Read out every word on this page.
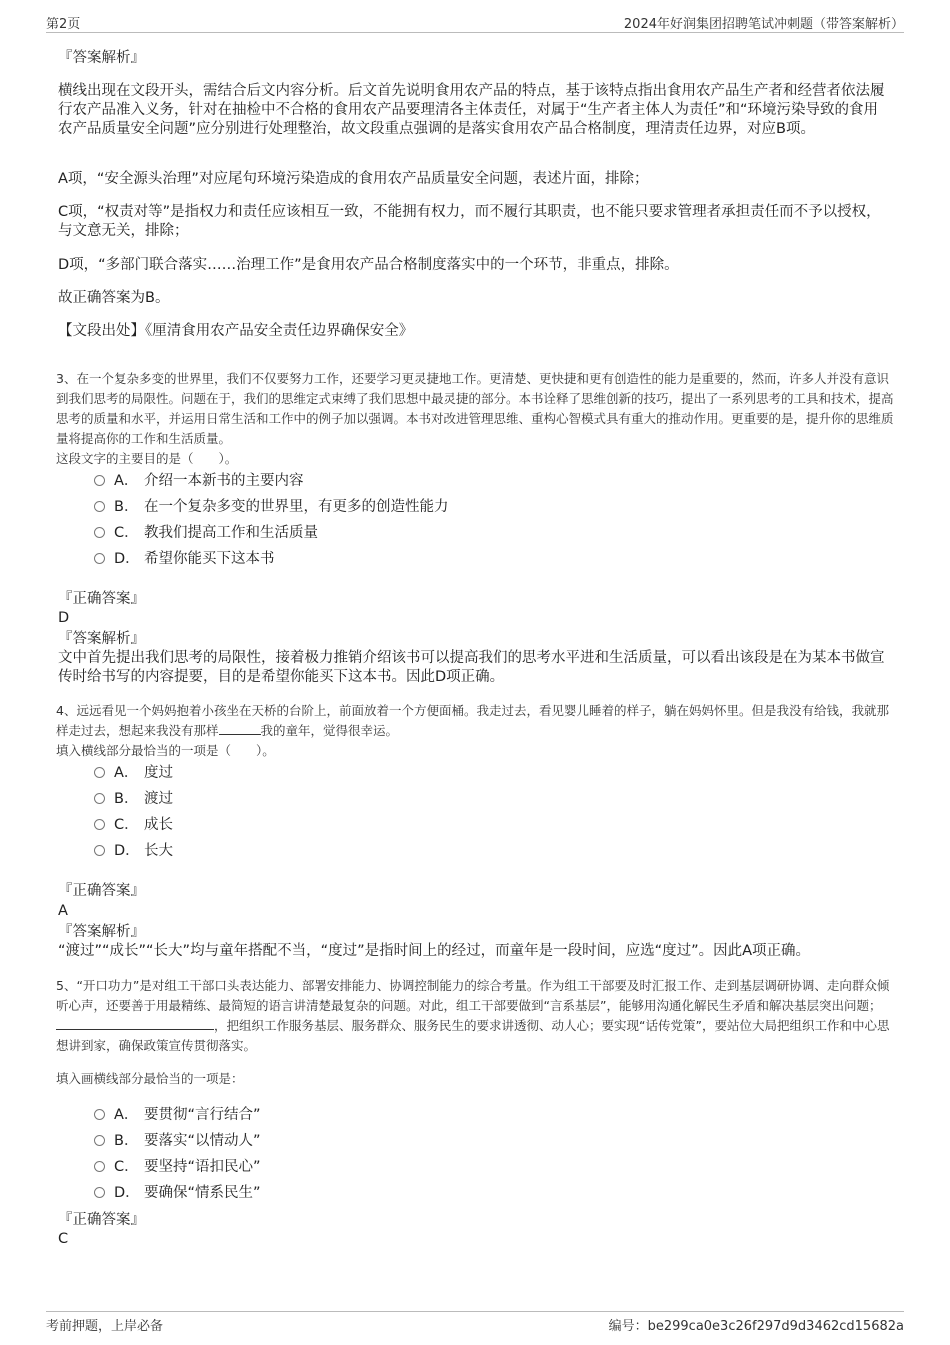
第2页	2024年好润集团招聘笔试冲刺题（带答案解析）
『答案解析』
横线出现在文段开头，需结合后文内容分析。后文首先说明食用农产品的特点，基于该特点指出食用农产品生产者和经营者依法履行农产品准入义务，针对在抽检中不合格的食用农产品要理清各主体责任，对属于“生产者主体人为责任”和“环境污染导致的食用农产品质量安全问题”应分别进行处理整治，故文段重点强调的是落实食用农产品合格制度，理清责任边界，对应B项。
A项，“安全源头治理”对应尾句环境污染造成的食用农产品质量安全问题，表述片面，排除；
C项，“权责对等”是指权力和责任应该相互一致，不能拥有权力，而不履行其职责，也不能只要求管理者承担责任而不予以授权，与文意无关，排除；
D项，“多部门联合落实……治理工作”是食用农产品合格制度落实中的一个环节，非重点，排除。
故正确答案为B。
【文段出处】《厘清食用农产品安全责任边界确保安全》
3、在一个复杂多变的世界里，我们不仅要努力工作，还要学习更灵捷地工作。更清楚、更快捷和更有创造性的能力是重要的，然而，许多人并没有意识到我们思考的局限性。问题在于，我们的思维定式束缚了我们思想中最灵捷的部分。本书诠释了思维创新的技巧，提出了一系列思考的工具和技术，提高思考的质量和水平，并运用日常生活和工作中的例子加以强调。本书对改进管理思维、重构心智模式具有重大的推动作用。更重要的是，提升你的思维质量将提高你的工作和生活质量。
这段文字的主要目的是（　　）。
A． 介绍一本新书的主要内容
B． 在一个复杂多变的世界里，有更多的创造性能力
C． 教我们提高工作和生活质量
D． 希望你能买下这本书
『正确答案』
D
『答案解析』
文中首先提出我们思考的局限性，接着极力推销介绍该书可以提高我们的思考水平进和生活质量，可以看出该段是在为某本书做宣传时给书写的内容提要，目的是希望你能买下这本书。因此D项正确。
4、远远看见一个妈妈抱着小孩坐在天桥的台阶上，前面放着一个方便面桶。我走过去，看见婴儿睡着的样子，躺在妈妈怀里。但是我没有给钱，我就那样走过去，想起来我没有那样	我的童年，觉得很幸运。
填入横线部分最恰当的一项是（　　）。
A． 度过
B． 渡过
C． 成长
D． 长大
『正确答案』
A
『答案解析』
“渡过”“成长”“长大”均与童年搭配不当，“度过”是指时间上的经过，而童年是一段时间，应选“度过”。因此A项正确。
5、“开口功力”是对组工干部口头表达能力、部署安排能力、协调控制能力的综合考量。作为组工干部要及时汇报工作、走到基层调研协调、走向群众倾听心声，还要善于用最精练、最简短的语言讲清楚最复杂的问题。对此，组工干部要做到“言系基层”，能够用沟通化解民生矛盾和解决基层突出问题；，把组织工作服务基层、服务群众、服务民生的要求讲透彻、动人心；要实现“话传党策”，要站位大局把组织工作和中心思想讲到家，确保政策宣传贯彻落实。
填入画横线部分最恰当的一项是：
A． 要贯彻“言行结合”
B． 要落实“以情动人”
C． 要坚持“语扣民心”
D． 要确保“情系民生”
『正确答案』
C
考前押题，上岸必备	编号：be299ca0e3c26f297d9d3462cd15682a
